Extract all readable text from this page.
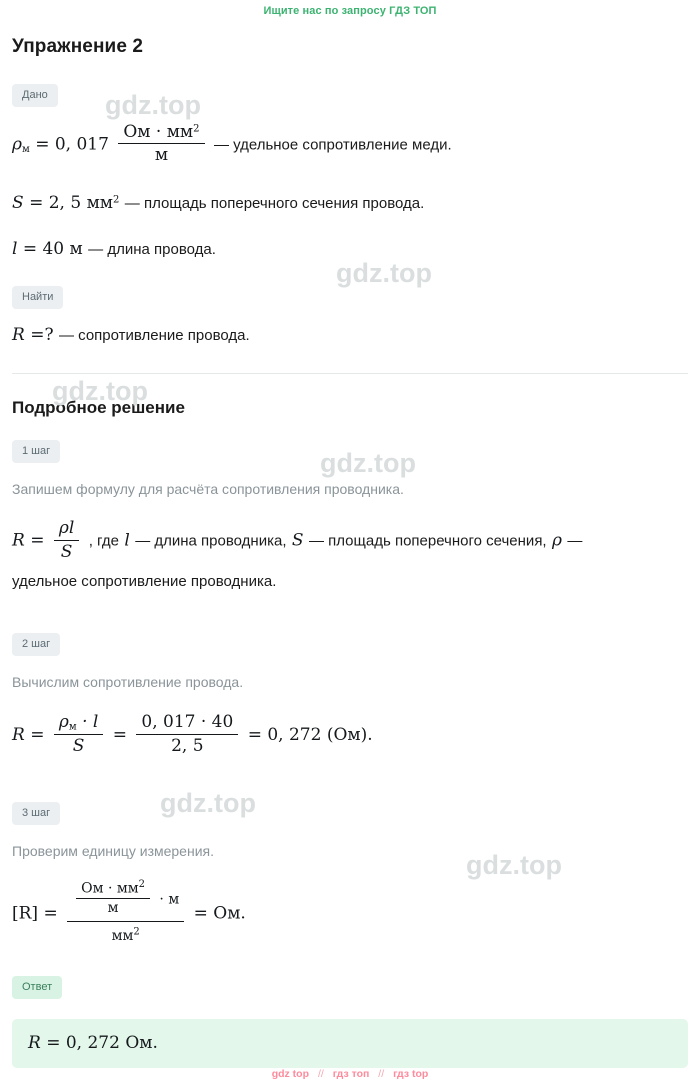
Ищите нас по запросу ГДЗ ТОП
Упражнение 2
Дано
$\rho_м = 0$, $017 \frac{Ом \cdot мм^2}{м}$ — удельное сопротивление меди.
S = 2, 5 $мм^2$ — площадь поперечного сечения провода.
l = 40 м — длина провода.
Найти
R =? — сопротивление провода.
Подробное решение
1 шаг
Запишем формулу для расчёта сопротивления проводника.
$R = \frac{\rho l}{S}$ , где l — длина проводника, S — площадь поперечного сечения, ρ —
удельное сопротивление проводника.
2 шаг
Вычислим сопротивление провода.
$R = \frac{\rho_м \cdot l}{S} = \frac{0, 017 \cdot 40}{2, 5} = 0$, 272 (Ом).
3 шаг
Проверим единицу измерения.
$[R] = \frac{\frac{Ом \cdot мм^2}{м} \cdot м}{мм^2}$ = Ом.
Ответ
R = 0, 272 Ом.
gdz top // гдз топ // гдз top
gdz.top
gdz.top
gdz.top
gdz.top
gdz.top
gdz.top
